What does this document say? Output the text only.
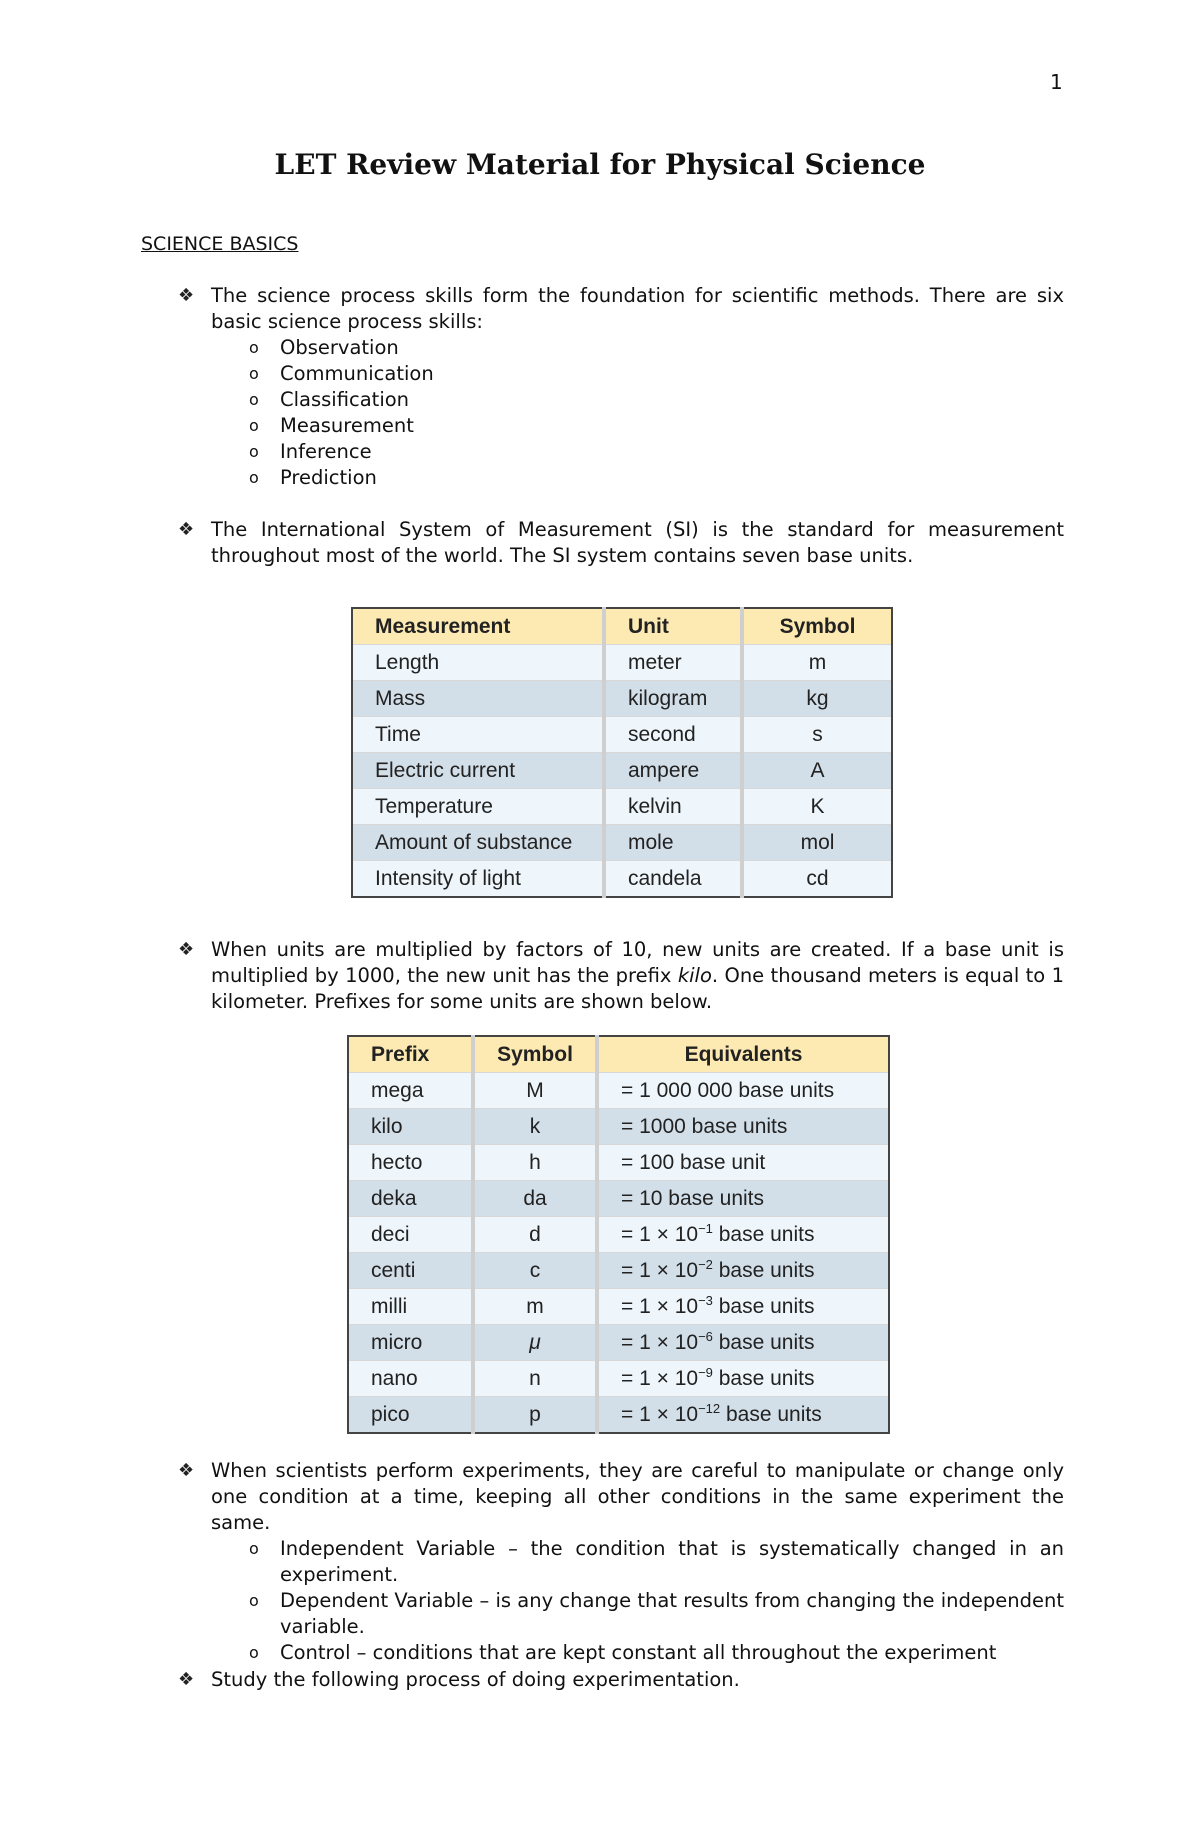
1
LET Review Material for Physical Science
SCIENCE BASICS
❖ The science process skills form the foundation for scientific methods. There are six basic science process skills:
o Observation
o Communication
o Classification
o Measurement
o Inference
o Prediction
❖ The International System of Measurement (SI) is the standard for measurement throughout most of the world. The SI system contains seven base units.
Measurement	Unit	Symbol
Length	meter	m
Mass	kilogram	kg
Time	second	s
Electric current	ampere	A
Temperature	kelvin	K
Amount of substance	mole	mol
Intensity of light	candela	cd
❖ When units are multiplied by factors of 10, new units are created. If a base unit is multiplied by 1000, the new unit has the prefix kilo. One thousand meters is equal to 1 kilometer. Prefixes for some units are shown below.
Prefix	Symbol	Equivalents
mega	M	= 1 000 000 base units
kilo	k	= 1000 base units
hecto	h	= 100 base unit
deka	da	= 10 base units
deci	d	= $1 \times 10^{-1}$ base units
centi	c	= $1 \times 10^{-2}$ base units
milli	m	= $1 \times 10^{-3}$ base units
micro	μ	= $1 \times 10^{-6}$ base units
nano	n	= $1 \times 10^{-9}$ base units
pico	p	= $1 \times 10^{-12}$ base units
❖ When scientists perform experiments, they are careful to manipulate or change only one condition at a time, keeping all other conditions in the same experiment the same.
o Independent Variable – the condition that is systematically changed in an experiment.
o Dependent Variable – is any change that results from changing the independent variable.
o Control – conditions that are kept constant all throughout the experiment
❖ Study the following process of doing experimentation.
